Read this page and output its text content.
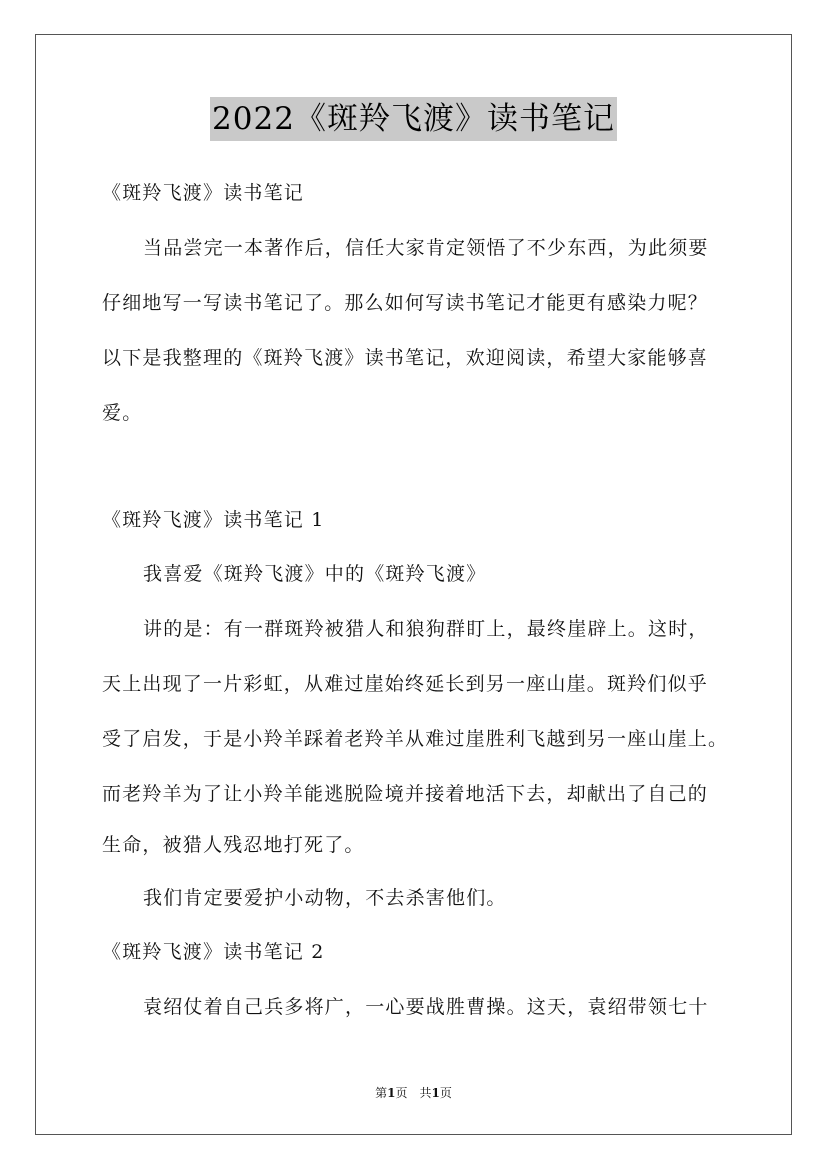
2022《斑羚飞渡》读书笔记
《斑羚飞渡》读书笔记
当品尝完一本著作后，信任大家肯定领悟了不少东西，为此须要
仔细地写一写读书笔记了。那么如何写读书笔记才能更有感染力呢？
以下是我整理的《斑羚飞渡》读书笔记，欢迎阅读，希望大家能够喜
爱。
《斑羚飞渡》读书笔记 1
我喜爱《斑羚飞渡》中的《斑羚飞渡》
讲的是：有一群斑羚被猎人和狼狗群盯上，最终崖辟上。这时，
天上出现了一片彩虹，从难过崖始终延长到另一座山崖。斑羚们似乎
受了启发，于是小羚羊踩着老羚羊从难过崖胜利飞越到另一座山崖上。
而老羚羊为了让小羚羊能逃脱险境并接着地活下去，却献出了自己的
生命，被猎人残忍地打死了。
我们肯定要爱护小动物，不去杀害他们。
《斑羚飞渡》读书笔记 2
袁绍仗着自己兵多将广，一心要战胜曹操。这天，袁绍带领七十
第1页　共1页
